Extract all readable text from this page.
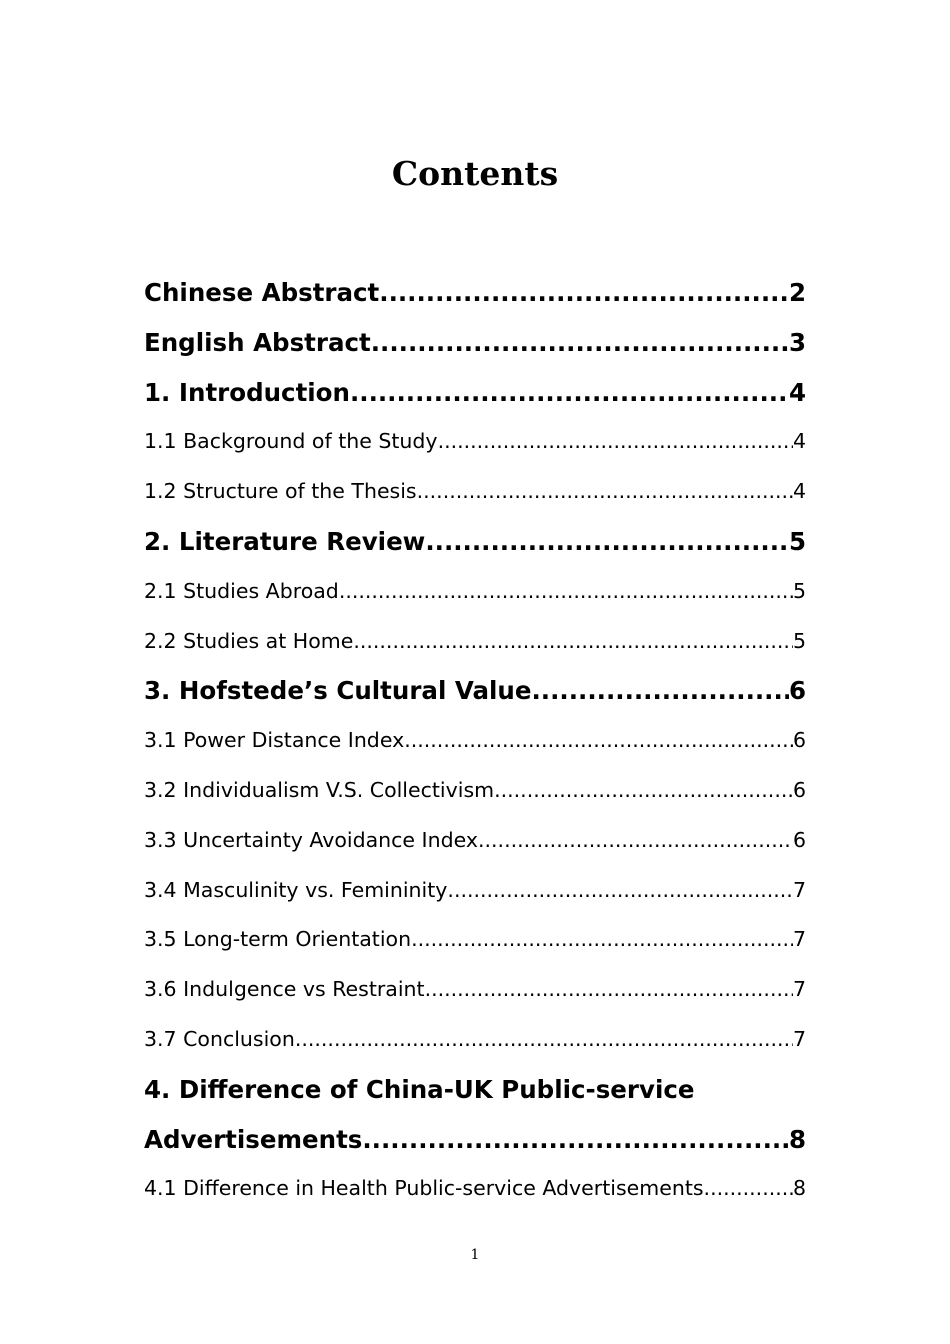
Contents
Chinese Abstract .....	2
English Abstract .....	3
1. Introduction .....	4
1.1 Background of the Study .....	4
1.2 Structure of the Thesis .....	4
2. Literature Review .....	5
2.1 Studies Abroad .....	5
2.2 Studies at Home .....	5
3. Hofstede’s Cultural Value .....	6
3.1 Power Distance Index .....	6
3.2 Individualism V.S. Collectivism .....	6
3.3 Uncertainty Avoidance Index .....	6
3.4 Masculinity vs. Femininity .....	7
3.5 Long-term Orientation .....	7
3.6 Indulgence vs Restraint .....	7
3.7 Conclusion .....	7
4. Difference of China-UK Public-service
Advertisements .....	8
4.1 Difference in Health Public-service Advertisements .....	8
1
